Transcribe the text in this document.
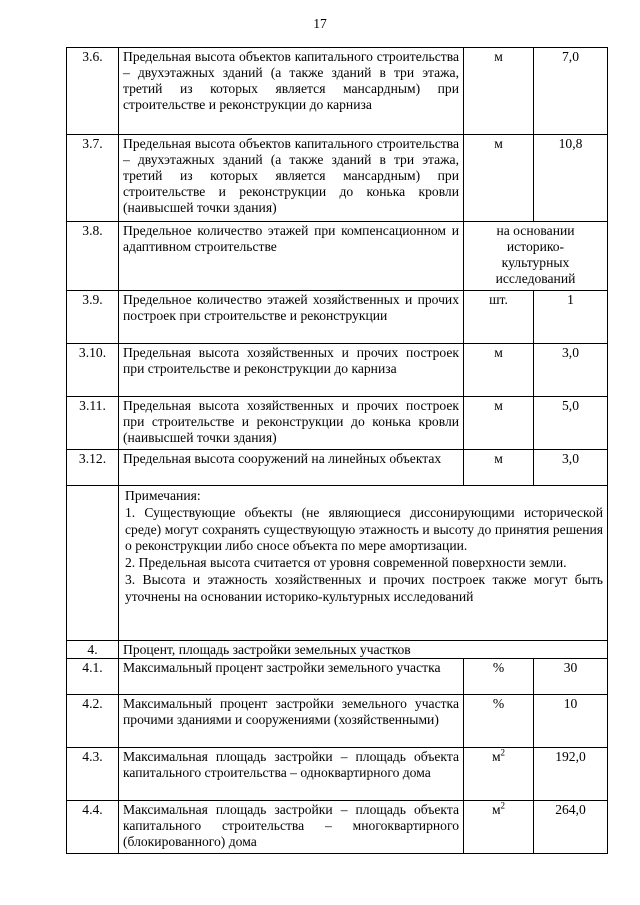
17
3.6.	Предельная высота объектов капитального строительства – двухэтажных зданий (а также зданий в три этажа, третий из которых является мансардным) при строительстве и реконструкции до карниза	м	7,0
3.7.	Предельная высота объектов капитального строительства – двухэтажных зданий (а также зданий в три этажа, третий из которых является мансардным) при строительстве и реконструкции до конька кровли (наивысшей точки здания)	м	10,8
3.8.	Предельное количество этажей при компенсационном и адаптивном строительстве	на основании историко-культурных исследований	
3.9.	Предельное количество этажей хозяйственных и прочих построек при строительстве и реконструкции	шт.	1
3.10.	Предельная высота хозяйственных и прочих построек при строительстве и реконструкции до карниза	м	3,0
3.11.	Предельная высота хозяйственных и прочих построек при строительстве и реконструкции до конька кровли (наивысшей точки здания)	м	5,0
3.12.	Предельная высота сооружений на линейных объектах	м	3,0

	Примечания:
1. Существующие объекты (не являющиеся диссонирующими исторической среде) могут сохранять существующую этажность и высоту до принятия решения о реконструкции либо сносе объекта по мере амортизации.
2. Предельная высота считается от уровня современной поверхности земли.
3. Высота и этажность хозяйственных и прочих построек также могут быть уточнены на основании историко-культурных исследований		

4.	Процент, площадь застройки земельных участков		
4.1.	Максимальный процент застройки земельного участка	%	30
4.2.	Максимальный процент застройки земельного участка прочими зданиями и сооружениями (хозяйственными)	%	10
4.3.	Максимальная площадь застройки – площадь объекта капитального строительства – одноквартирного дома	$м^2$	192,0
4.4.	Максимальная площадь застройки – площадь объекта капитального строительства – многоквартирного (блокированного) дома	$м^2$	264,0
